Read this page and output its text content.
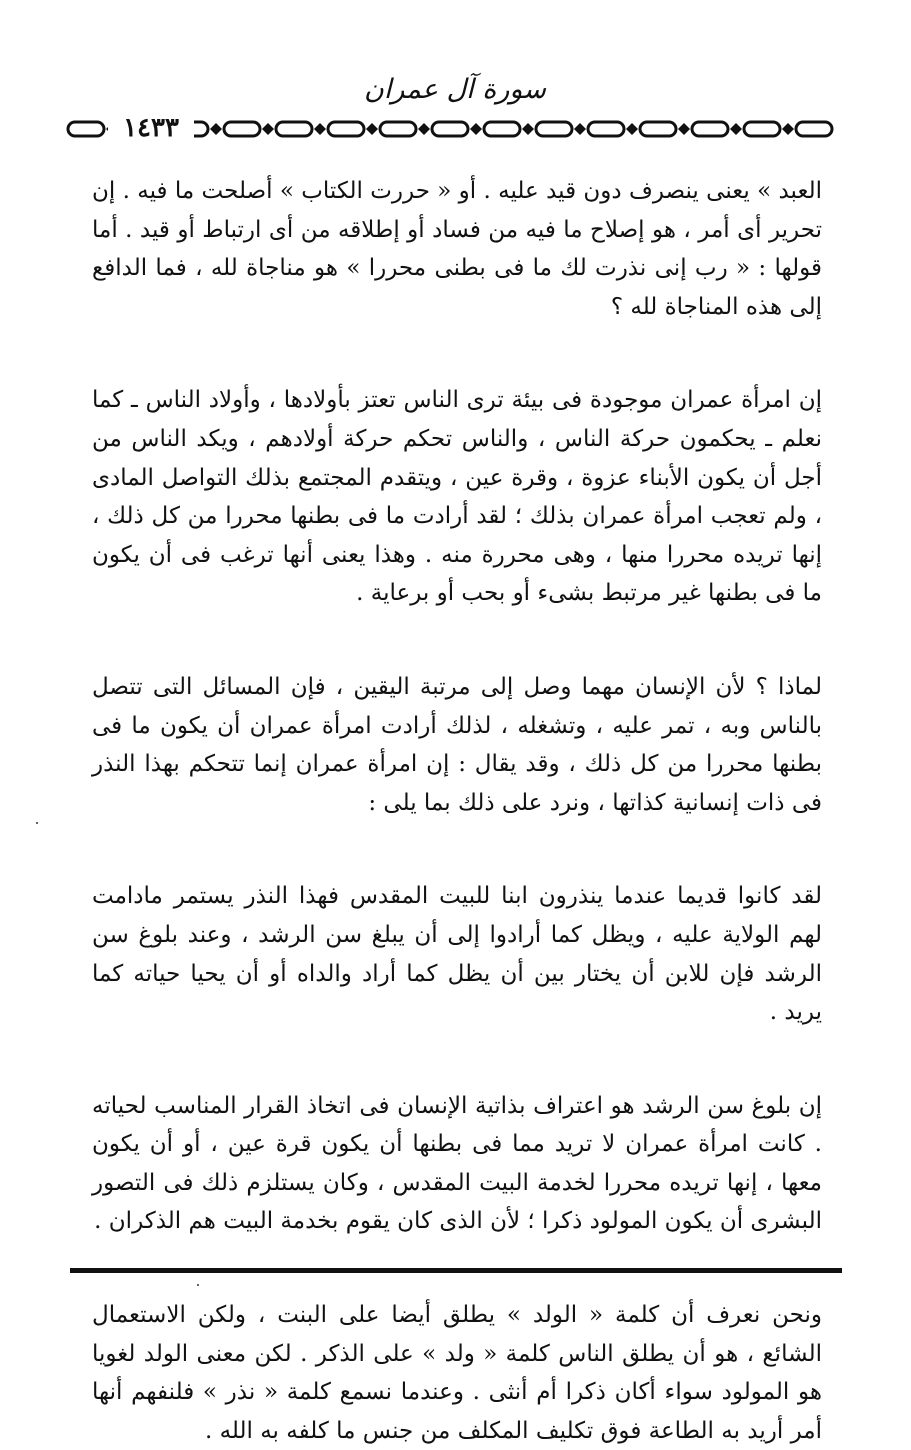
سورة آل عمران
١٤٣٣

العبد » يعنى ينصرف دون قيد عليه . أو « حررت الكتاب » أصلحت ما فيه . إن تحرير أى أمر ، هو إصلاح ما فيه من فساد أو إطلاقه من أى ارتباط أو قيد . أما قولها : « رب إنى نذرت لك ما فى بطنى محررا » هو مناجاة لله ، فما الدافع إلى هذه المناجاة لله ؟

إن امرأة عمران موجودة فى بيئة ترى الناس تعتز بأولادها ، وأولاد الناس ـ كما نعلم ـ يحكمون حركة الناس ، والناس تحكم حركة أولادهم ، ويكد الناس من أجل أن يكون الأبناء عزوة ، وقرة عين ، ويتقدم المجتمع بذلك التواصل المادى ، ولم تعجب امرأة عمران بذلك ؛ لقد أرادت ما فى بطنها محررا من كل ذلك ، إنها تريده محررا منها ، وهى محررة منه . وهذا يعنى أنها ترغب فى أن يكون ما فى بطنها غير مرتبط بشىء أو بحب أو برعاية .

لماذا ؟ لأن الإنسان مهما وصل إلى مرتبة اليقين ، فإن المسائل التى تتصل بالناس وبه ، تمر عليه ، وتشغله ، لذلك أرادت امرأة عمران أن يكون ما فى بطنها محررا من كل ذلك ، وقد يقال : إن امرأة عمران إنما تتحكم بهذا النذر فى ذات إنسانية كذاتها ، ونرد على ذلك بما يلى :

لقد كانوا قديما عندما ينذرون ابنا للبيت المقدس فهذا النذر يستمر مادامت لهم الولاية عليه ، ويظل كما أرادوا إلى أن يبلغ سن الرشد ، وعند بلوغ سن الرشد فإن للابن أن يختار بين أن يظل كما أراد والداه أو أن يحيا حياته كما يريد .

إن بلوغ سن الرشد هو اعتراف بذاتية الإنسان فى اتخاذ القرار المناسب لحياته . كانت امرأة عمران لا تريد مما فى بطنها أن يكون قرة عين ، أو أن يكون معها ، إنها تريده محررا لخدمة البيت المقدس ، وكان يستلزم ذلك فى التصور البشرى أن يكون المولود ذكرا ؛ لأن الذى كان يقوم بخدمة البيت هم الذكران .

ونحن نعرف أن كلمة « الولد » يطلق أيضا على البنت ، ولكن الاستعمال الشائع ، هو أن يطلق الناس كلمة « ولد » على الذكر . لكن معنى الولد لغويا هو المولود سواء أكان ذكرا أم أنثى . وعندما نسمع كلمة « نذر » فلنفهم أنها أمر أريد به الطاعة فوق تكليف المكلف من جنس ما كلفه به الله .
